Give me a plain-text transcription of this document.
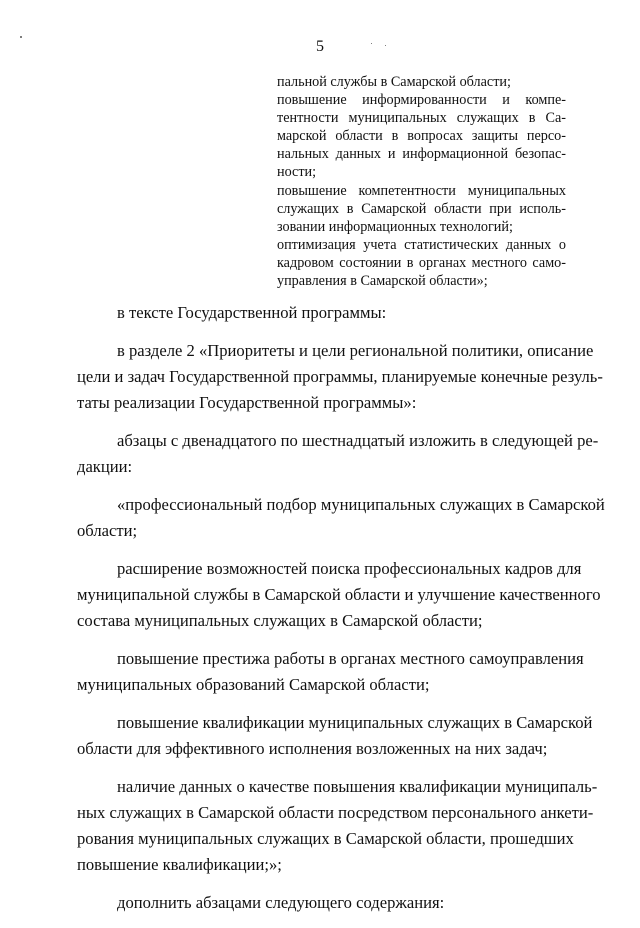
5
пальной службы в Самарской области;
повышение информированности и компе-
тентности муниципальных служащих в Са-
марской области в вопросах защиты персо-
нальных данных и информационной безопас-
ности;
повышение компетентности муниципальных
служащих в Самарской области при исполь-
зовании информационных технологий;
оптимизация учета статистических данных о
кадровом состоянии в органах местного само-
управления в Самарской области»;
в тексте Государственной программы:
в разделе 2 «Приоритеты и цели региональной политики, описание
цели и задач Государственной программы, планируемые конечные резуль-
таты реализации Государственной программы»:
абзацы с двенадцатого по шестнадцатый изложить в следующей ре-
дакции:
«профессиональный подбор муниципальных служащих в Самарской
области;
расширение возможностей поиска профессиональных кадров для
муниципальной службы в Самарской области и улучшение качественного
состава муниципальных служащих в Самарской области;
повышение престижа работы в органах местного самоуправления
муниципальных образований Самарской области;
повышение квалификации муниципальных служащих в Самарской
области для эффективного исполнения возложенных на них задач;
наличие данных о качестве повышения квалификации муниципаль-
ных служащих в Самарской области посредством персонального анкети-
рования муниципальных служащих в Самарской области, прошедших
повышение квалификации;»;
дополнить абзацами следующего содержания:
